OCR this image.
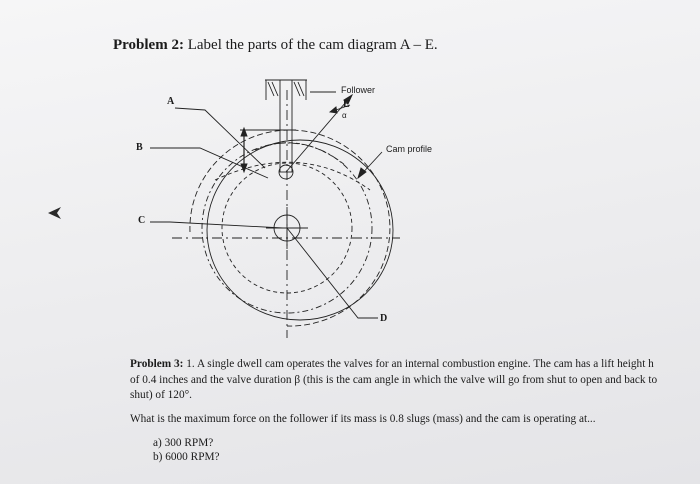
Problem 2: Label the parts of the cam diagram A – E.
A
B
C
D
E
Follower
Cam profile
α
Problem 3: 1. A single dwell cam operates the valves for an internal combustion engine. The cam has a lift height h of 0.4 inches and the valve duration β (this is the cam angle in which the valve will go from shut to open and back to shut) of 120°.
What is the maximum force on the follower if its mass is 0.8 slugs (mass) and the cam is operating at...
a) 300 RPM?
b) 6000 RPM?
